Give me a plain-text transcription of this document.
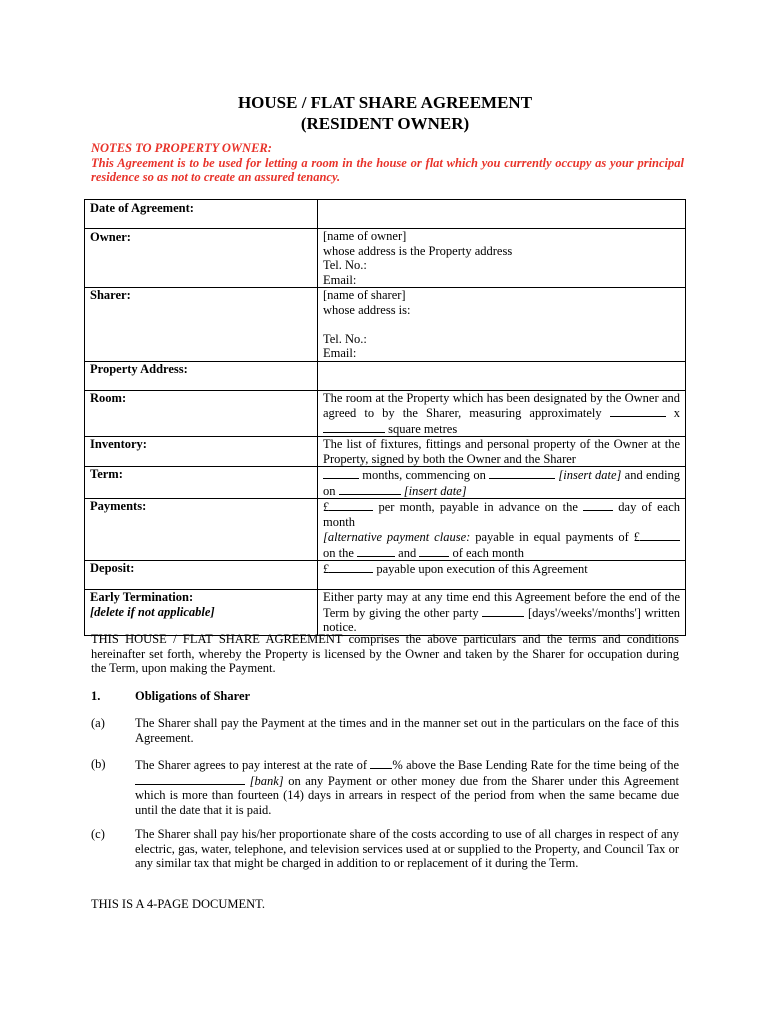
HOUSE / FLAT SHARE AGREEMENT
(RESIDENT OWNER)
NOTES TO PROPERTY OWNER:
This Agreement is to be used for letting a room in the house or flat which you currently occupy as your principal residence so as not to create an assured tenancy.
Date of Agreement:	
Owner:	[name of owner]
whose address is the Property address
Tel. No.:
Email:

Sharer:	[name of sharer]
whose address is:
Tel. No.:
Email:

Property Address:	
Room:	The room at the Property which has been designated by the Owner and agreed to by the Sharer, measuring approximately x  square metres
Inventory:	The list of fixtures, fittings and personal property of the Owner at the Property, signed by both the Owner and the Sharer
Term:	months, commencing on [insert date] and ending on [insert date]
Payments:	£ per month, payable in advance on the day of each month
[alternative payment clause: payable in equal payments of £ on the and of each month

Deposit:	£ payable upon execution of this Agreement

Early Termination:
[delete if not applicable]	Either party may at any time end this Agreement before the end of the Term by giving the other party [days'/weeks'/months'] written notice.
THIS HOUSE / FLAT SHARE AGREEMENT comprises the above particulars and the terms and conditions hereinafter set forth, whereby the Property is licensed by the Owner and taken by the Sharer for occupation during the Term, upon making the Payment.
1.	Obligations of Sharer
(a) The Sharer shall pay the Payment at the times and in the manner set out in the particulars on the face of this Agreement.
(b) The Sharer agrees to pay interest at the rate of % above the Base Lending Rate for the time being of the  [bank] on any Payment or other money due from the Sharer under this Agreement which is more than fourteen (14) days in arrears in respect of the period from when the same became due until the date that it is paid.
(c) The Sharer shall pay his/her proportionate share of the costs according to use of all charges in respect of any electric, gas, water, telephone, and television services used at or supplied to the Property, and Council Tax or any similar tax that might be charged in addition to or replacement of it during the Term.
THIS IS A 4-PAGE DOCUMENT.
